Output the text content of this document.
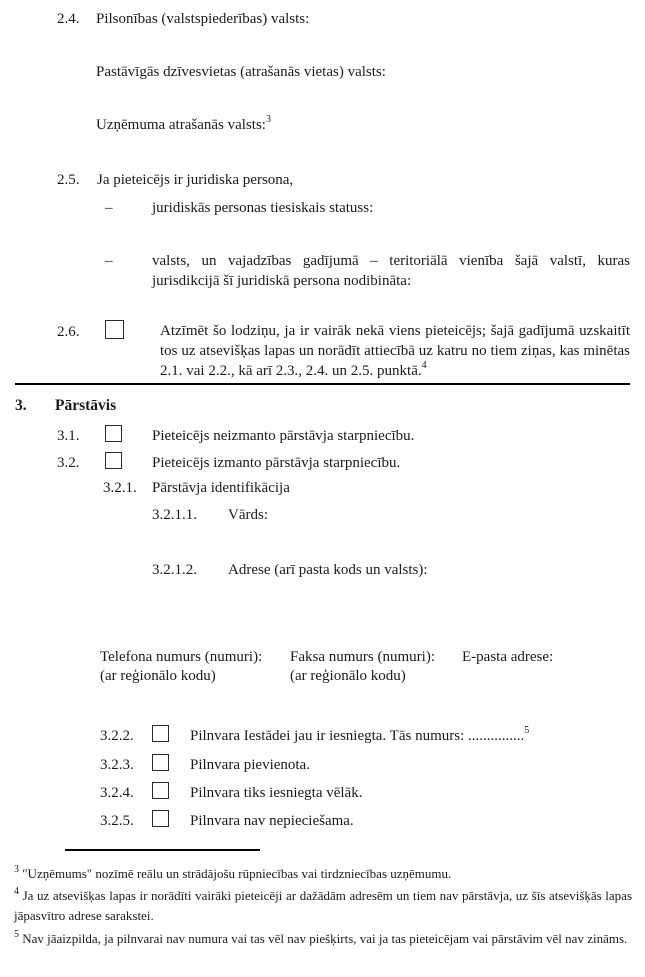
2.4. Pilsonības (valstspiederības) valsts:
Pastāvīgās dzīvesvietas (atrašanās vietas) valsts:
Uzņēmuma atrašanās valsts:$^3$
2.5. Ja pieteicējs ir juridiska persona,
–	juridiskās personas tiesiskais statuss:
–	valsts, un vajadzības gadījumā – teritoriālā vienība šajā valstī, kuras jurisdikcijā šī juridiskā persona nodibināta:
2.6.	Atzīmēt šo lodziņu, ja ir vairāk nekā viens pieteicējs; šajā gadījumā uzskaitīt tos uz atsevišķas lapas un norādīt attiecībā uz katru no tiem ziņas, kas minētas 2.1. vai 2.2., kā arī 2.3., 2.4. un 2.5. punktā.$^4$
3. Pārstāvis
3.1.	Pieteicējs neizmanto pārstāvja starpniecību.
3.2.	Pieteicējs izmanto pārstāvja starpniecību.
3.2.1. Pārstāvja identifikācija
3.2.1.1. Vārds:
3.2.1.2. Adrese (arī pasta kods un valsts):
Telefona numurs (numuri):
(ar reģionālo kodu)
Faksa numurs (numuri):
(ar reģionālo kodu)
E-pasta adrese:
3.2.2.	Pilnvara Iestādei jau ir iesniegta. Tās numurs: ...............$^5$
3.2.3.	Pilnvara pievienota.
3.2.4.	Pilnvara tiks iesniegta vēlāk.
3.2.5.	Pilnvara nav nepieciešama.
$^3$ "Uzņēmums" nozīmē reālu un strādājošu rūpniecības vai tirdzniecības uzņēmumu.
$^4$ Ja uz atsevišķas lapas ir norādīti vairāki pieteicēji ar dažādām adresēm un tiem nav pārstāvja, uz šīs atsevišķās lapas jāpasvītro adrese sarakstei.
$^5$ Nav jāaizpilda, ja pilnvarai nav numura vai tas vēl nav piešķirts, vai ja tas pieteicējam vai pārstāvim vēl nav zināms.
